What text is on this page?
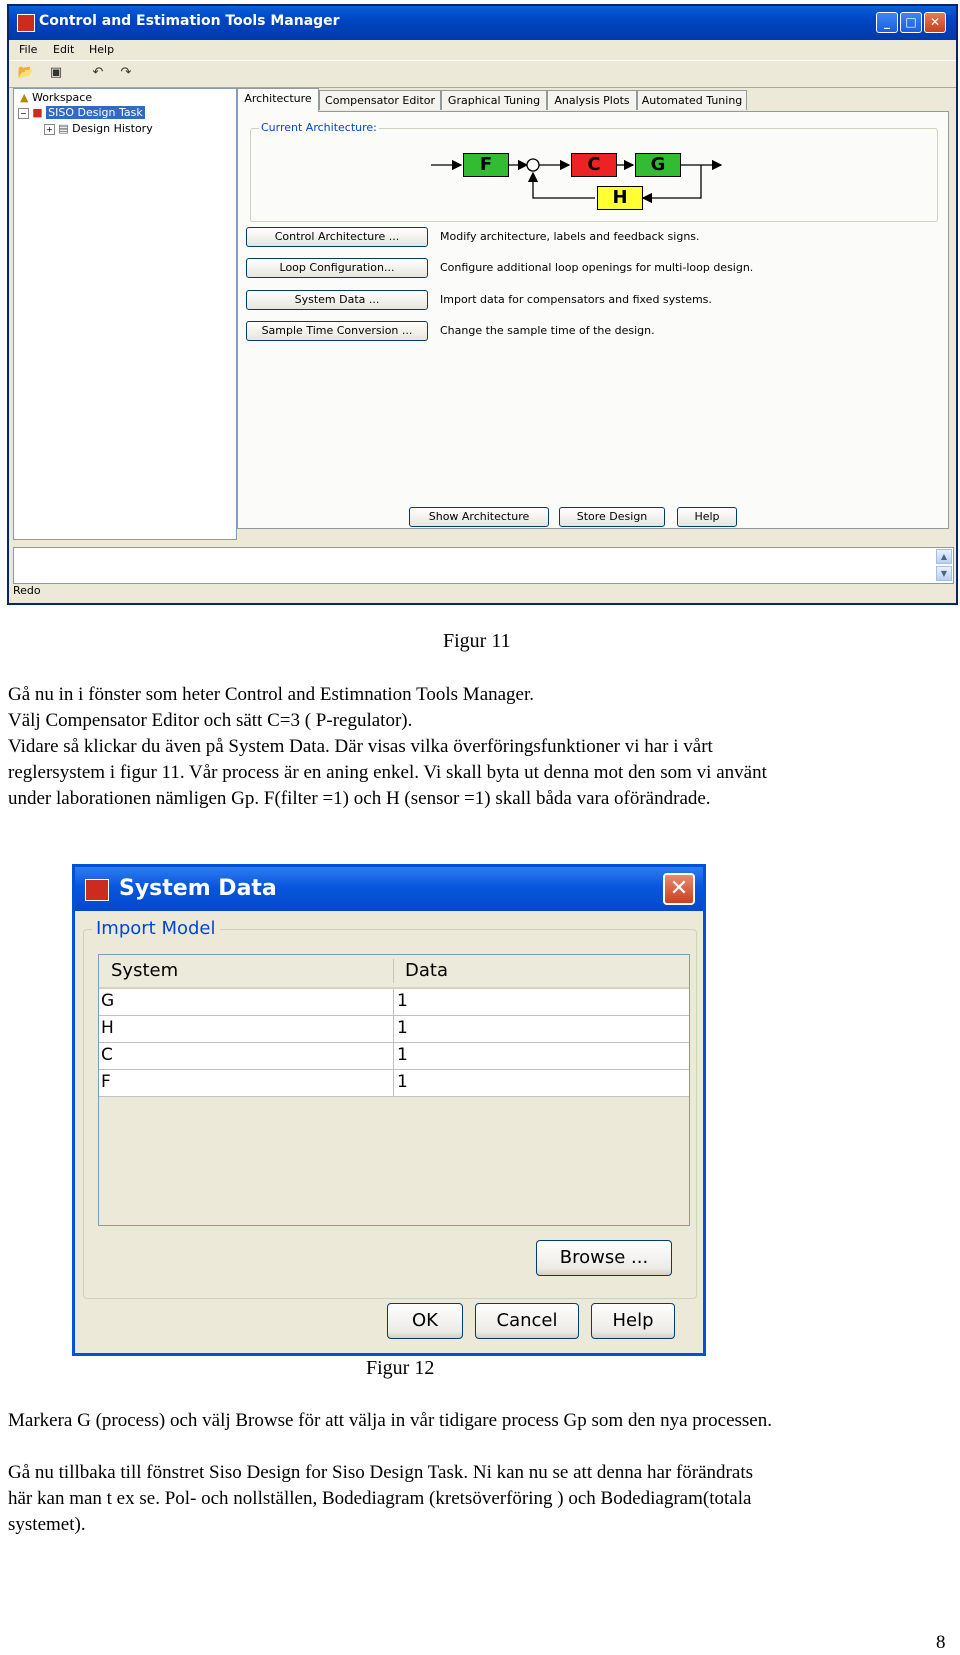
Control and Estimation Tools Manager	_	□	✕
File Edit Help
📂 ▣ ↶ ↷
▲ Workspace
− ■ SISO Design Task
+ ▤ Design History
Architecture	Compensator Editor	Graphical Tuning	Analysis Plots	Automated Tuning
Current Architecture:
F	C	G
H
Control Architecture ...	Modify architecture, labels and feedback signs.
Loop Configuration...	Configure additional loop openings for multi-loop design.
System Data ...	Import data for compensators and fixed systems.
Sample Time Conversion ...	Change the sample time of the design.
Show Architecture	Store Design	Help
▲
▼
Redo
Figur 11
Gå nu in i fönster som heter Control and Estimnation Tools Manager.
Välj Compensator Editor och sätt C=3 ( P-regulator).
Vidare så klickar du även på System Data. Där visas vilka överföringsfunktioner vi har i vårt
reglersystem i figur 11. Vår process är en aning enkel. Vi skall byta ut denna mot den som vi använt
under laborationen nämligen Gp. F(filter =1) och H (sensor =1) skall båda vara oförändrade.
System Data	✕
Import Model
System	Data
G	1
H	1
C	1
F	1
Browse ...
OK	Cancel	Help
Figur 12
Markera G (process) och välj Browse för att välja in vår tidigare process Gp som den nya processen.
Gå nu tillbaka till fönstret Siso Design for Siso Design Task. Ni kan nu se att denna har förändrats
här kan man t ex se. Pol- och nollställen, Bodediagram (kretsöverföring ) och Bodediagram(totala
systemet).
8
